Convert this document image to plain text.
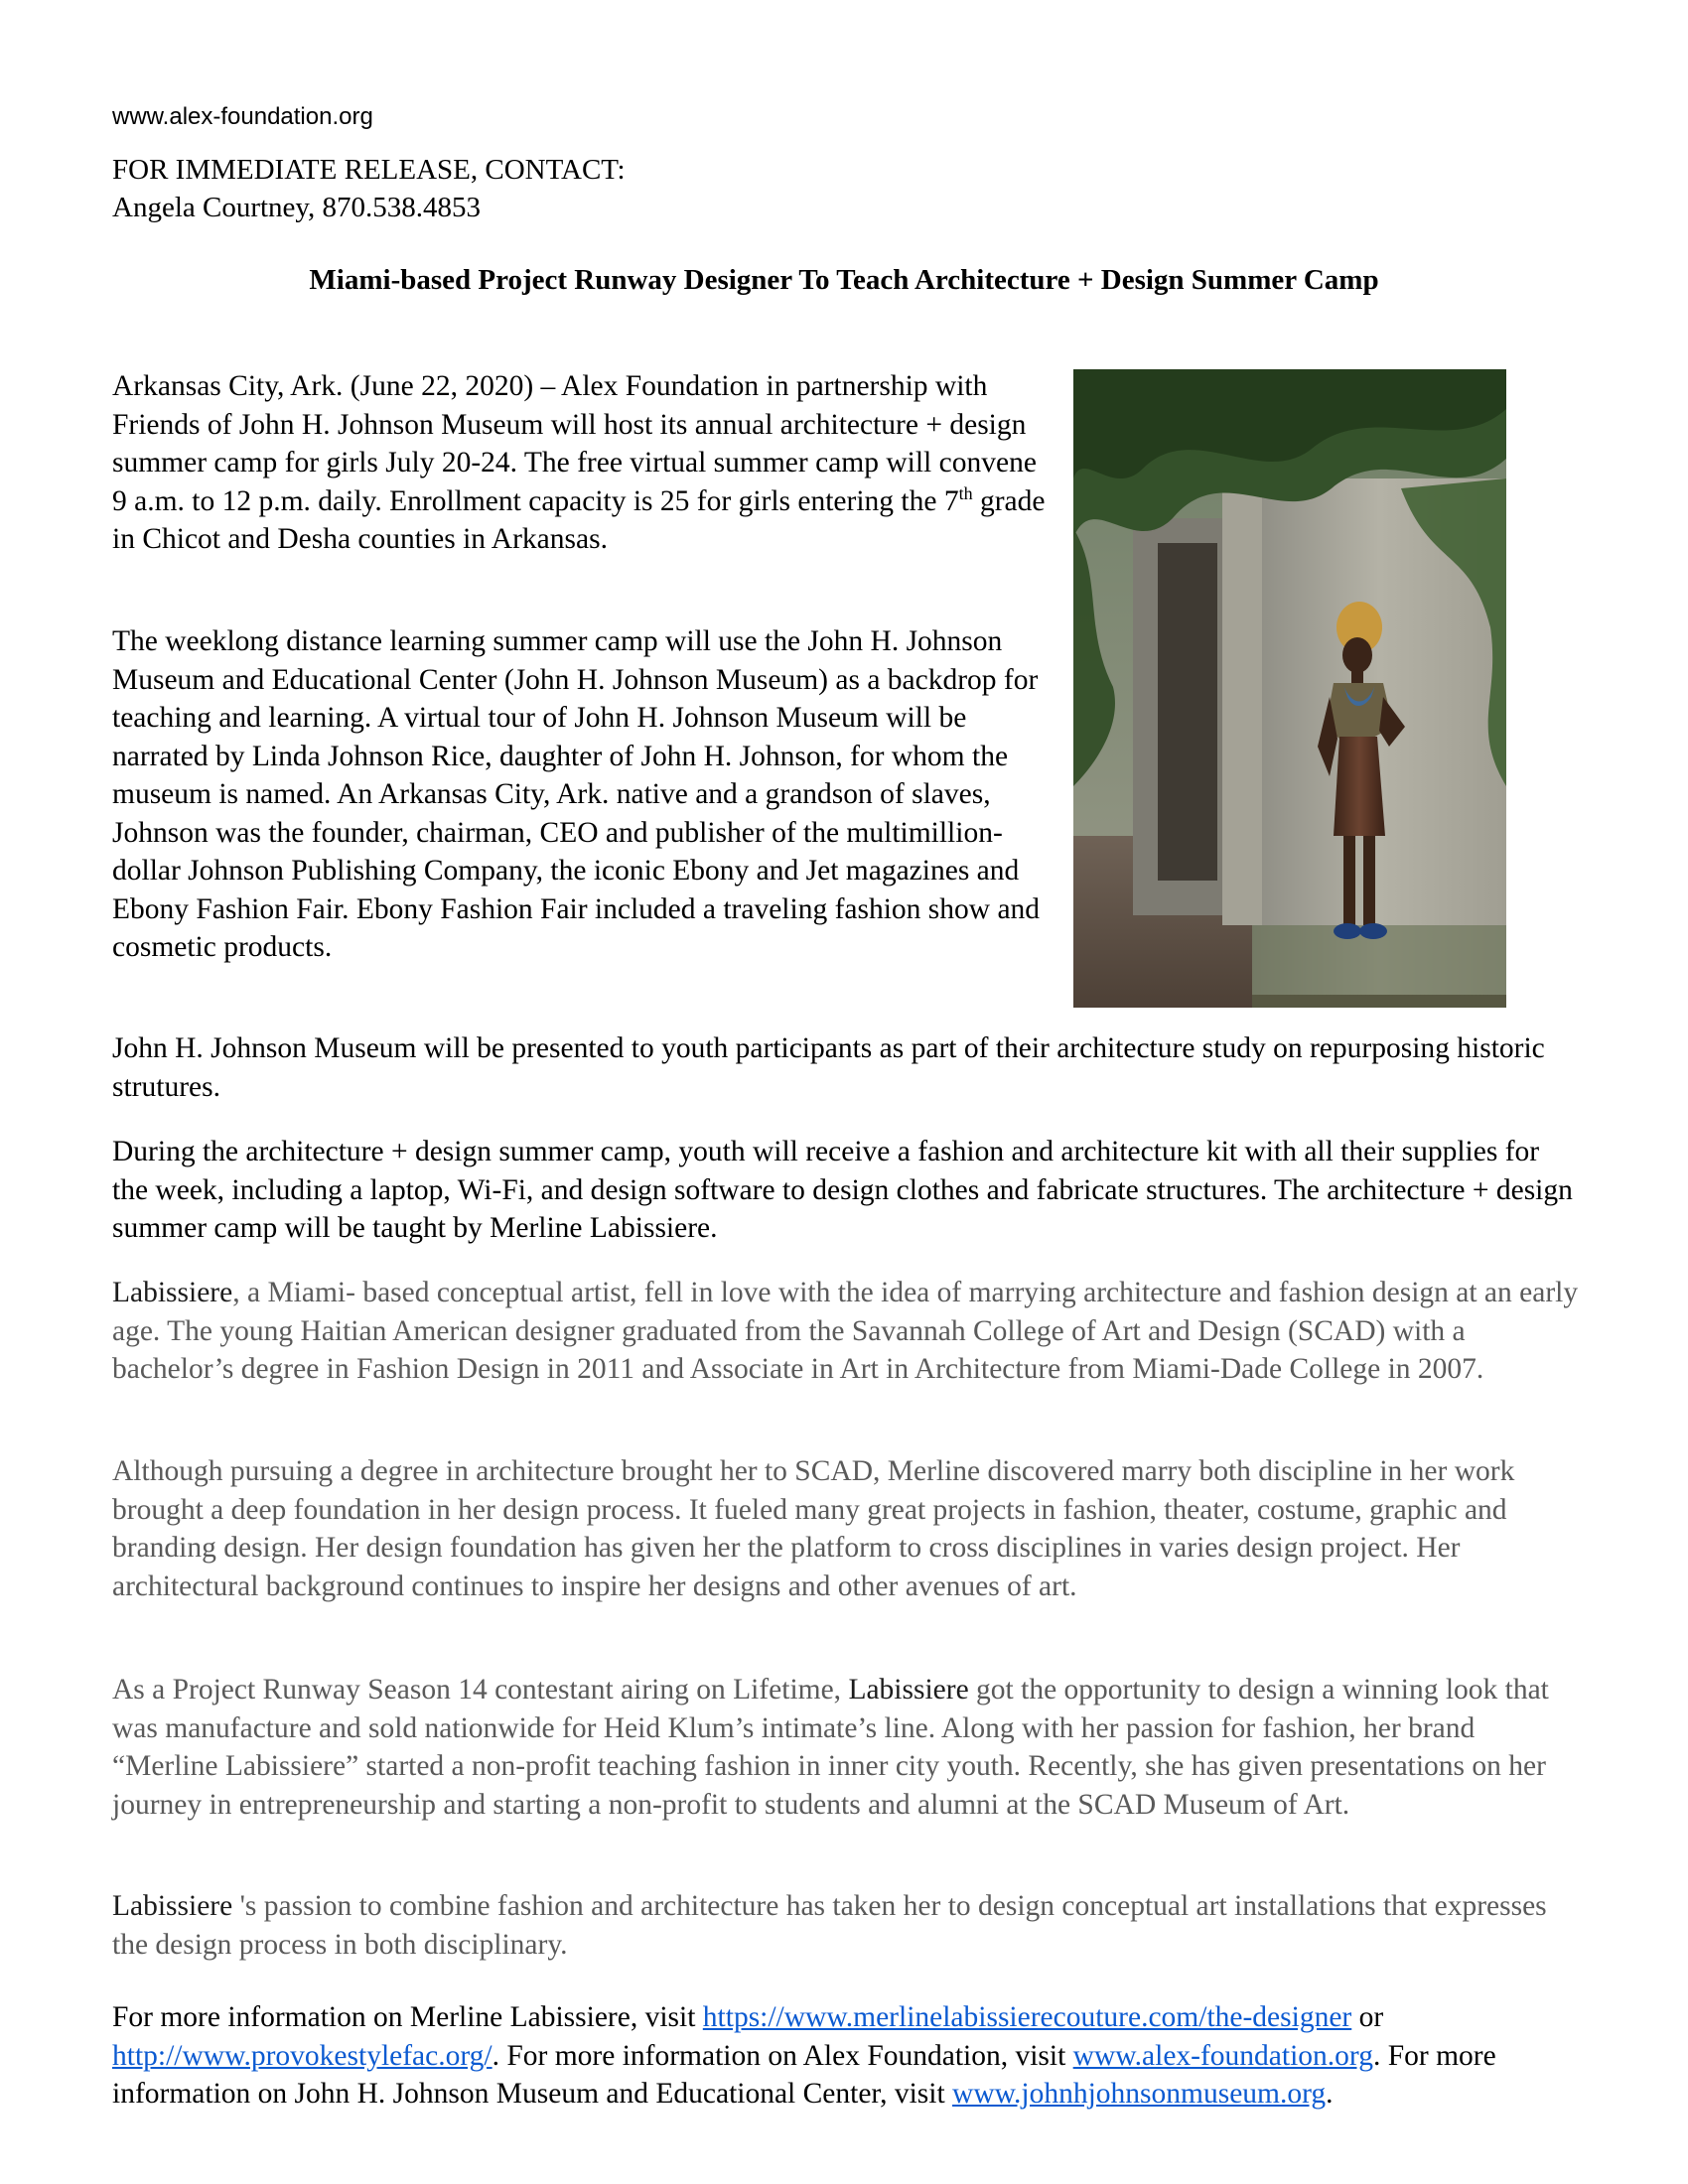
www.alex-foundation.org
FOR IMMEDIATE RELEASE, CONTACT:
Angela Courtney, 870.538.4853
Miami-based Project Runway Designer To Teach Architecture + Design Summer Camp

Arkansas City, Ark. (June 22, 2020) – Alex Foundation in partnership with Friends of John H. Johnson Museum will host its annual architecture + design summer camp for girls July 20-24. The free virtual summer camp will convene 9 a.m. to 12 p.m. daily. Enrollment capacity is 25 for girls entering the 7th grade in Chicot and Desha counties in Arkansas.

The weeklong distance learning summer camp will use the John H. Johnson Museum and Educational Center (John H. Johnson Museum) as a backdrop for teaching and learning. A virtual tour of John H. Johnson Museum will be narrated by Linda Johnson Rice, daughter of John H. Johnson, for whom the museum is named. An Arkansas City, Ark. native and a grandson of slaves, Johnson was the founder, chairman, CEO and publisher of the multimillion-dollar Johnson Publishing Company, the iconic Ebony and Jet magazines and Ebony Fashion Fair. Ebony Fashion Fair included a traveling fashion show and cosmetic products.

John H. Johnson Museum will be presented to youth participants as part of their architecture study on repurposing historic strutures.

During the architecture + design summer camp, youth will receive a fashion and architecture kit with all their supplies for the week, including a laptop, Wi-Fi, and design software to design clothes and fabricate structures. The architecture + design summer camp will be taught by Merline Labissiere.

Labissiere, a Miami- based conceptual artist, fell in love with the idea of marrying architecture and fashion design at an early age. The young Haitian American designer graduated from the Savannah College of Art and Design (SCAD) with a bachelor’s degree in Fashion Design in 2011 and Associate in Art in Architecture from Miami-Dade College in 2007.

Although pursuing a degree in architecture brought her to SCAD, Merline discovered marry both discipline in her work brought a deep foundation in her design process. It fueled many great projects in fashion, theater, costume, graphic and branding design. Her design foundation has given her the platform to cross disciplines in varies design project. Her architectural background continues to inspire her designs and other avenues of art.

As a Project Runway Season 14 contestant airing on Lifetime, Labissiere got the opportunity to design a winning look that was manufacture and sold nationwide for Heid Klum’s intimate’s line. Along with her passion for fashion, her brand “Merline Labissiere” started a non-profit teaching fashion in inner city youth. Recently, she has given presentations on her journey in entrepreneurship and starting a non-profit to students and alumni at the SCAD Museum of Art.

Labissiere 's passion to combine fashion and architecture has taken her to design conceptual art installations that expresses the design process in both disciplinary.

For more information on Merline Labissiere, visit https://www.merlinelabissierecouture.com/the-designer or http://www.provokestylefac.org/. For more information on Alex Foundation, visit www.alex-foundation.org. For more information on John H. Johnson Museum and Educational Center, visit www.johnhjohnsonmuseum.org.
